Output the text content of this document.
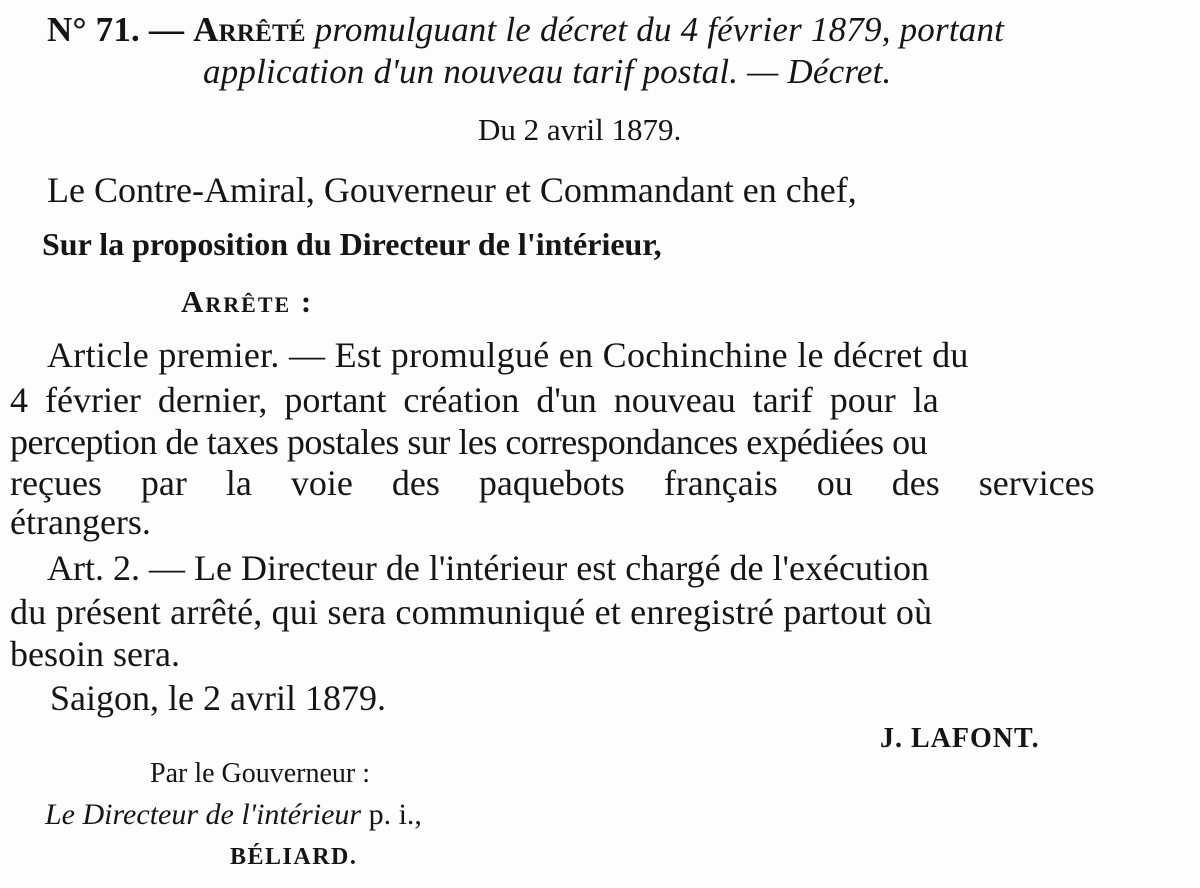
N° 71. — Arrêté promulguant le décret du 4 février 1879, portant
application d'un nouveau tarif postal. — Décret.
Du 2 avril 1879.
Le Contre-Amiral, Gouverneur et Commandant en chef,
Sur la proposition du Directeur de l'intérieur,
Arrête :
Article premier. — Est promulgué en Cochinchine le décret du
4 février dernier, portant création d'un nouveau tarif pour la
perception de taxes postales sur les correspondances expédiées ou
reçues par la voie des paquebots français ou des services
étrangers.
Art. 2. — Le Directeur de l'intérieur est chargé de l'exécution
du présent arrêté, qui sera communiqué et enregistré partout où
besoin sera.
Saigon, le 2 avril 1879.
J. LAFONT.
Par le Gouverneur :
Le Directeur de l'intérieur p. i.,
BÉLIARD.
